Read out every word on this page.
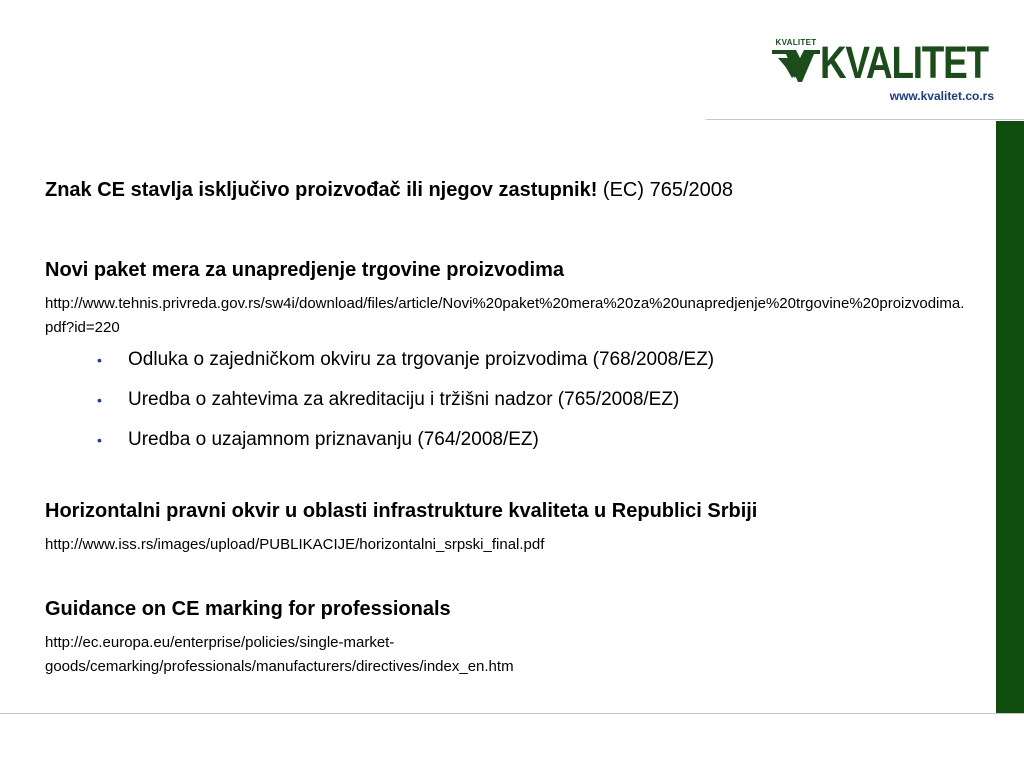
KVALITET KVALITET
www.kvalitet.co.rs
Znak CE stavlja isključivo proizvođač ili njegov zastupnik! (EC) 765/2008
Novi paket mera za unapredjenje trgovine proizvodima
http://www.tehnis.privreda.gov.rs/sw4i/download/files/article/Novi%20paket%20mera%20za%20unapredjenje%20trgovine%20proizvodima.pdf?id=220
• Odluka o zajedničkom okviru za trgovanje proizvodima (768/2008/EZ)
• Uredba o zahtevima za akreditaciju i tržišni nadzor (765/2008/EZ)
• Uredba o uzajamnom priznavanju (764/2008/EZ)
Horizontalni pravni okvir u oblasti infrastrukture kvaliteta u Republici Srbiji
http://www.iss.rs/images/upload/PUBLIKACIJE/horizontalni_srpski_final.pdf
Guidance on CE marking for professionals
http://ec.europa.eu/enterprise/policies/single-market-
goods/cemarking/professionals/manufacturers/directives/index_en.htm
